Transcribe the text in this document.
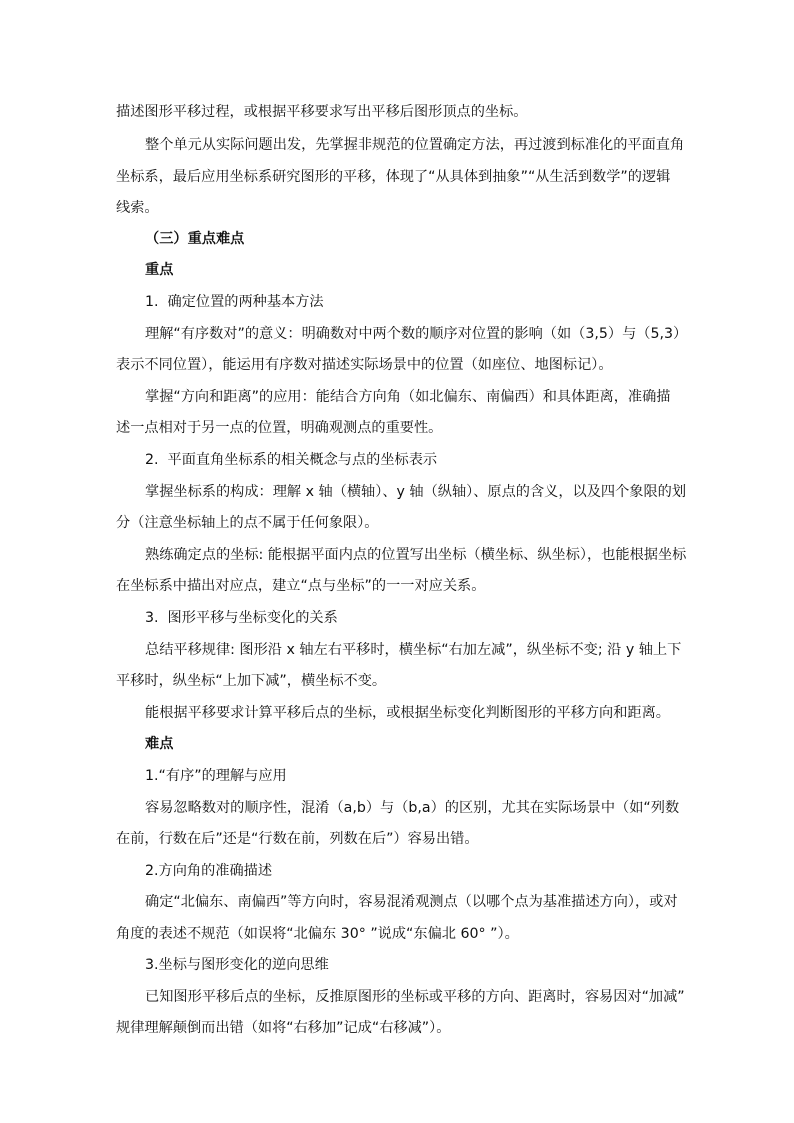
描述图形平移过程，或根据平移要求写出平移后图形顶点的坐标。
整个单元从实际问题出发，先掌握非规范的位置确定方法，再过渡到标准化的平面直角
坐标系，最后应用坐标系研究图形的平移，体现了“从具体到抽象”“从生活到数学”的逻辑
线索。
（三）重点难点
重点
1.  确定位置的两种基本方法
理解“有序数对”的意义：明确数对中两个数的顺序对位置的影响（如（3,5）与（5,3）
表示不同位置），能运用有序数对描述实际场景中的位置（如座位、地图标记）。
掌握“方向和距离”的应用：能结合方向角（如北偏东、南偏西）和具体距离，准确描
述一点相对于另一点的位置，明确观测点的重要性。
2.  平面直角坐标系的相关概念与点的坐标表示
掌握坐标系的构成：理解 x 轴（横轴）、y 轴（纵轴）、原点的含义，以及四个象限的划
分（注意坐标轴上的点不属于任何象限）。
熟练确定点的坐标: 能根据平面内点的位置写出坐标（横坐标、纵坐标），也能根据坐标
在坐标系中描出对应点，建立“点与坐标”的一一对应关系。
3.  图形平移与坐标变化的关系
总结平移规律: 图形沿 x 轴左右平移时，横坐标“右加左减”，纵坐标不变; 沿 y 轴上下
平移时，纵坐标“上加下减”，横坐标不变。
能根据平移要求计算平移后点的坐标，或根据坐标变化判断图形的平移方向和距离。
难点
1.“有序”的理解与应用
容易忽略数对的顺序性，混淆（a,b）与（b,a）的区别，尤其在实际场景中（如“列数
在前，行数在后”还是“行数在前，列数在后”）容易出错。
2.方向角的准确描述
确定“北偏东、南偏西”等方向时，容易混淆观测点（以哪个点为基准描述方向），或对
角度的表述不规范（如误将“北偏东 30° ”说成“东偏北 60° ”）。
3.坐标与图形变化的逆向思维
已知图形平移后点的坐标，反推原图形的坐标或平移的方向、距离时，容易因对“加减”
规律理解颠倒而出错（如将“右移加”记成“右移减”）。
